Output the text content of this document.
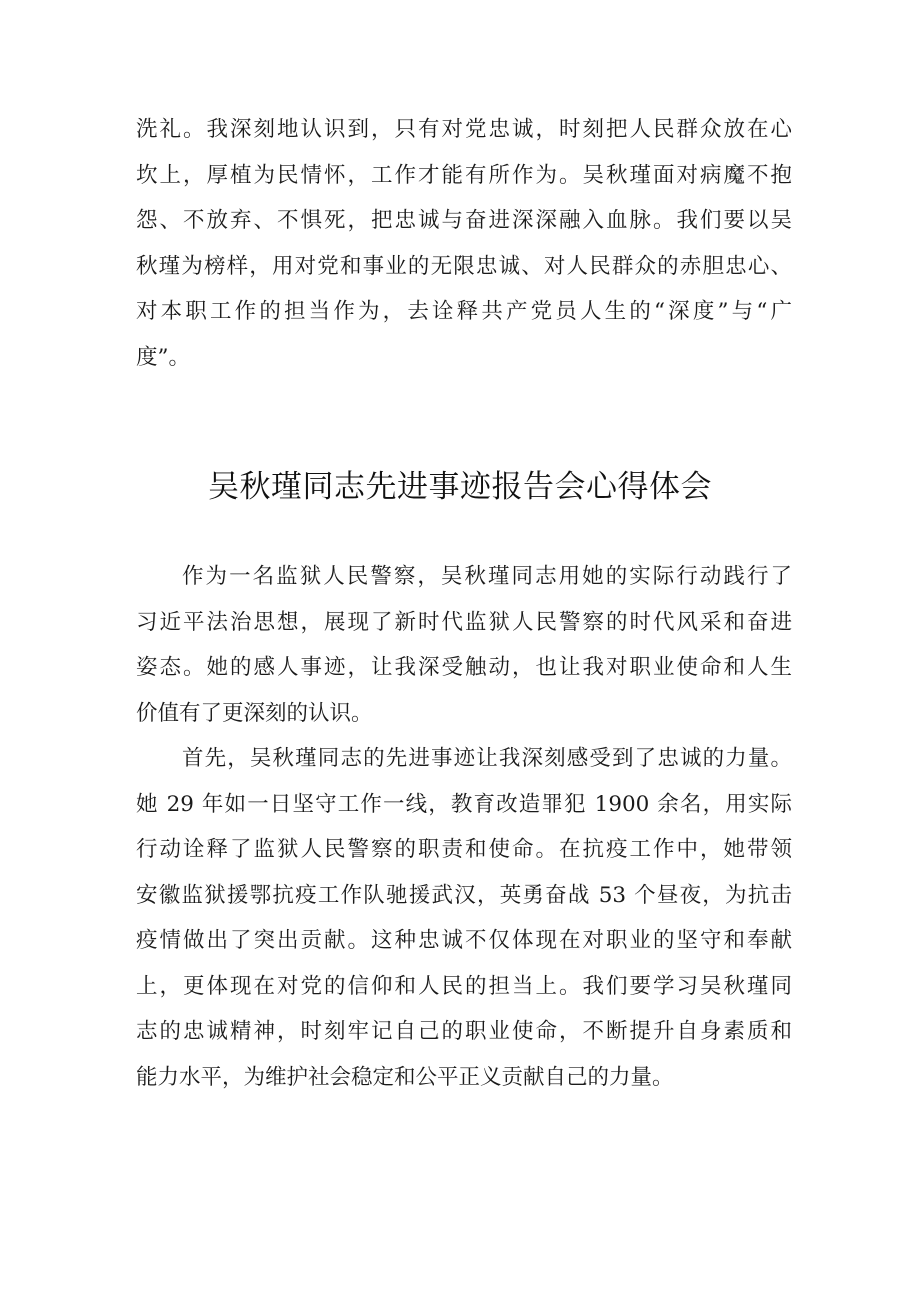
洗礼。我深刻地认识到，只有对党忠诚，时刻把人民群众放在心
坎上，厚植为民情怀，工作才能有所作为。吴秋瑾面对病魔不抱
怨、不放弃、不惧死，把忠诚与奋进深深融入血脉。我们要以吴
秋瑾为榜样，用对党和事业的无限忠诚、对人民群众的赤胆忠心、
对本职工作的担当作为，去诠释共产党员人生的“深度”与“广
度”。
吴秋瑾同志先进事迹报告会心得体会
作为一名监狱人民警察，吴秋瑾同志用她的实际行动践行了
习近平法治思想，展现了新时代监狱人民警察的时代风采和奋进
姿态。她的感人事迹，让我深受触动，也让我对职业使命和人生
价值有了更深刻的认识。
首先，吴秋瑾同志的先进事迹让我深刻感受到了忠诚的力量。
她 29 年如一日坚守工作一线，教育改造罪犯 1900 余名，用实际
行动诠释了监狱人民警察的职责和使命。在抗疫工作中，她带领
安徽监狱援鄂抗疫工作队驰援武汉，英勇奋战 53 个昼夜，为抗击
疫情做出了突出贡献。这种忠诚不仅体现在对职业的坚守和奉献
上，更体现在对党的信仰和人民的担当上。我们要学习吴秋瑾同
志的忠诚精神，时刻牢记自己的职业使命，不断提升自身素质和
能力水平，为维护社会稳定和公平正义贡献自己的力量。
